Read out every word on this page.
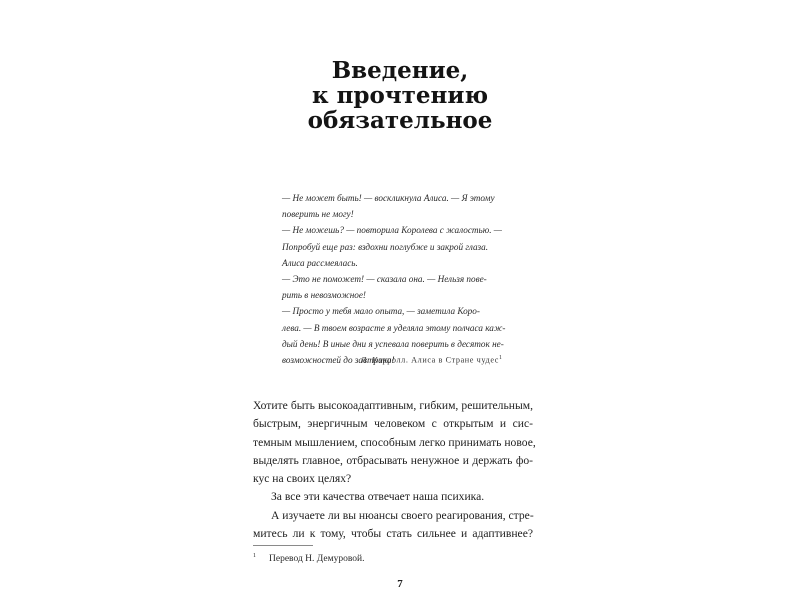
Введение,
к прочтению
обязательное
— Не может быть! — воскликнула Алиса. — Я этому
поверить не могу!
— Не можешь? — повторила Королева с жалостью. —
Попробуй еще раз: вздохни поглубже и закрой глаза.
Алиса рассмеялась.
— Это не поможет! — сказала она. — Нельзя пове-
рить в невозможное!
— Просто у тебя мало опыта, — заметила Коро-
лева. — В твоем возрасте я уделяла этому полчаса каж-
дый день! В иные дни я успевала поверить в десяток не-
возможностей до завтрака!
Л. Кэрролл. Алиса в Стране чудес$^1$
Хотите быть высокоадаптивным, гибким, решительным,
быстрым, энергичным человеком с открытым и сис-
темным мышлением, способным легко принимать новое,
выделять главное, отбрасывать ненужное и держать фо-
кус на своих целях?
За все эти качества отвечает наша психика.
А изучаете ли вы нюансы своего реагирования, стре-
митесь ли к тому, чтобы стать сильнее и адаптивнее?
1 Перевод Н. Демуровой.
7
